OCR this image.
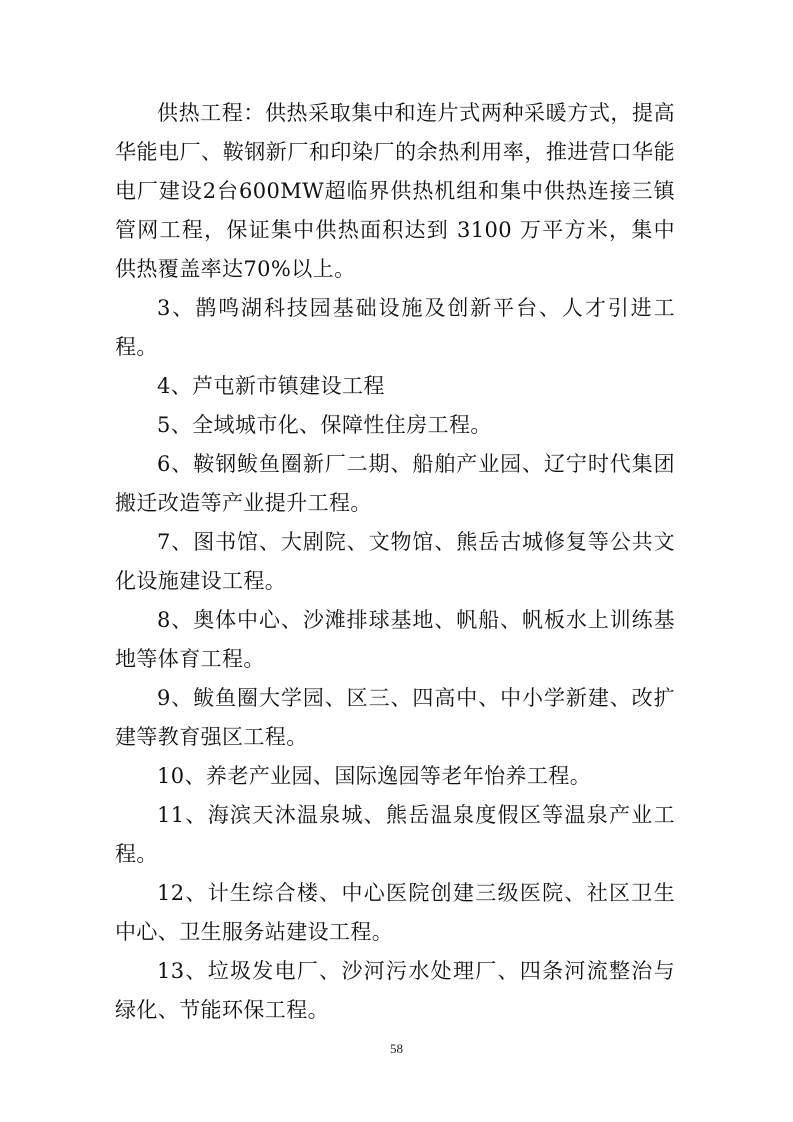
供热工程：供热采取集中和连片式两种采暖方式，提高华能电厂、鞍钢新厂和印染厂的余热利用率，推进营口华能电厂建设2台600MW超临界供热机组和集中供热连接三镇管网工程，保证集中供热面积达到 3100 万平方米，集中供热覆盖率达70%以上。

3、鹊鸣湖科技园基础设施及创新平台、人才引进工程。

4、芦屯新市镇建设工程

5、全域城市化、保障性住房工程。

6、鞍钢鲅鱼圈新厂二期、船舶产业园、辽宁时代集团搬迁改造等产业提升工程。

7、图书馆、大剧院、文物馆、熊岳古城修复等公共文化设施建设工程。

8、奥体中心、沙滩排球基地、帆船、帆板水上训练基地等体育工程。

9、鲅鱼圈大学园、区三、四高中、中小学新建、改扩建等教育强区工程。

10、养老产业园、国际逸园等老年怡养工程。

11、海滨天沐温泉城、熊岳温泉度假区等温泉产业工程。

12、计生综合楼、中心医院创建三级医院、社区卫生中心、卫生服务站建设工程。

13、垃圾发电厂、沙河污水处理厂、四条河流整治与绿化、节能环保工程。

58
